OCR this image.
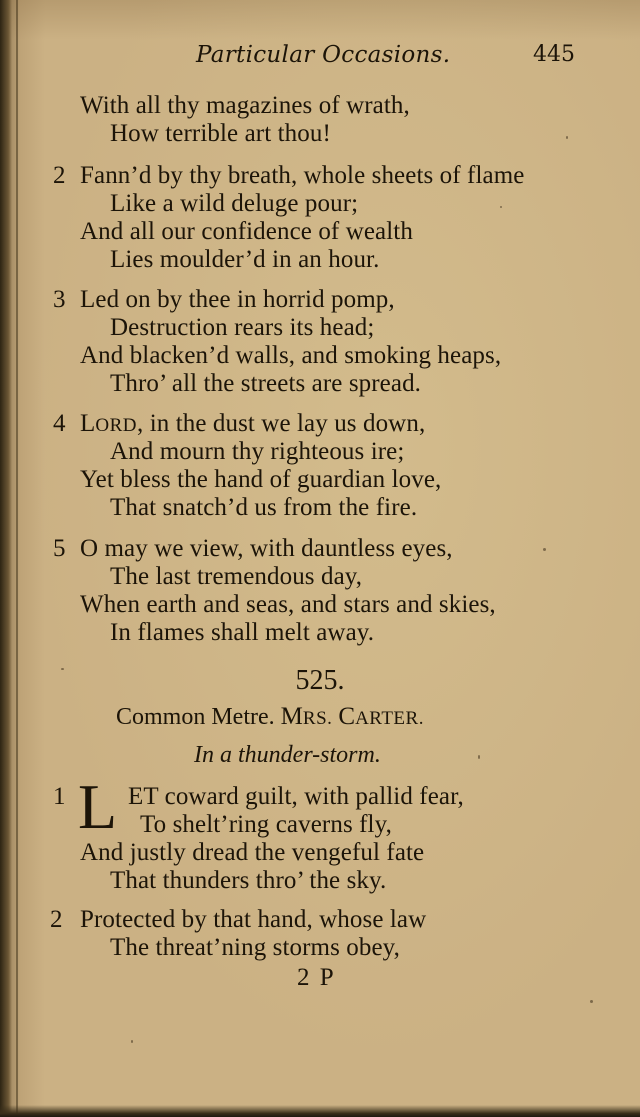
Particular Occasions.	445
With all thy magazines of wrath,
How terrible art thou!
2 Fann’d by thy breath, whole sheets of flame
Like a wild deluge pour;
And all our confidence of wealth
Lies moulder’d in an hour.
3 Led on by thee in horrid pomp,
Destruction rears its head;
And blacken’d walls, and smoking heaps,
Thro’ all the streets are spread.
4 LORD, in the dust we lay us down,
And mourn thy righteous ire;
Yet bless the hand of guardian love,
That snatch’d us from the fire.
5 O may we view, with dauntless eyes,
The last tremendous day,
When earth and seas, and stars and skies,
In flames shall melt away.
525.
Common Metre. MRS. CARTER.
In a thunder-storm.
1 L ET coward guilt, with pallid fear,
To shelt’ring caverns fly,
And justly dread the vengeful fate
That thunders thro’ the sky.
2 Protected by that hand, whose law
The threat’ning storms obey,
2 P
